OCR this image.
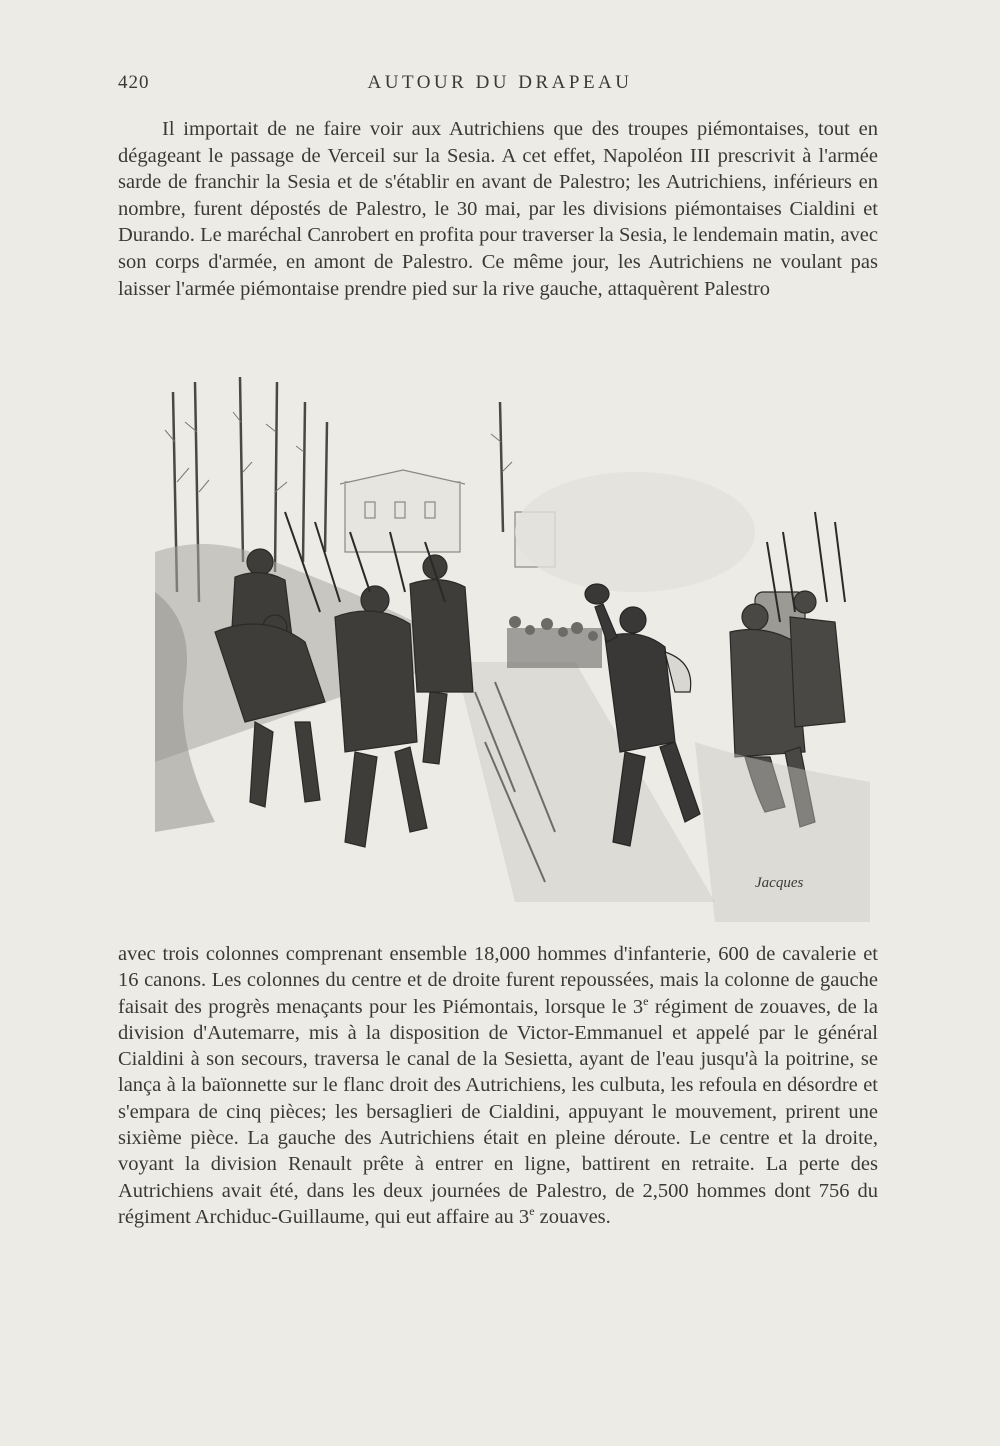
420	AUTOUR DU DRAPEAU

Il importait de ne faire voir aux Autrichiens que des troupes piémontaises, tout en dégageant le passage de Verceil sur la Sesia. A cet effet, Napoléon III prescrivit à l'armée sarde de franchir la Sesia et de s'établir en avant de Palestro; les Autrichiens, inférieurs en nombre, furent dépostés de Palestro, le 30 mai, par les divisions piémontaises Cialdini et Durando. Le maréchal Canrobert en profita pour traverser la Sesia, le lendemain matin, avec son corps d'armée, en amont de Palestro. Ce même jour, les Autrichiens ne voulant pas laisser l'armée piémontaise prendre pied sur la rive gauche, attaquèrent Palestro

Jacques

avec trois colonnes comprenant ensemble 18,000 hommes d'infanterie, 600 de cavalerie et 16 canons. Les colonnes du centre et de droite furent repoussées, mais la colonne de gauche faisait des progrès menaçants pour les Piémontais, lorsque le 3e régiment de zouaves, de la division d'Autemarre, mis à la disposition de Victor-Emmanuel et appelé par le général Cialdini à son secours, traversa le canal de la Sesietta, ayant de l'eau jusqu'à la poitrine, se lança à la baïonnette sur le flanc droit des Autrichiens, les culbuta, les refoula en désordre et s'empara de cinq pièces; les bersaglieri de Cialdini, appuyant le mouvement, prirent une sixième pièce. La gauche des Autrichiens était en pleine déroute. Le centre et la droite, voyant la division Renault prête à entrer en ligne, battirent en retraite. La perte des Autrichiens avait été, dans les deux journées de Palestro, de 2,500 hommes dont 756 du régiment Archiduc-Guillaume, qui eut affaire au 3e zouaves.
